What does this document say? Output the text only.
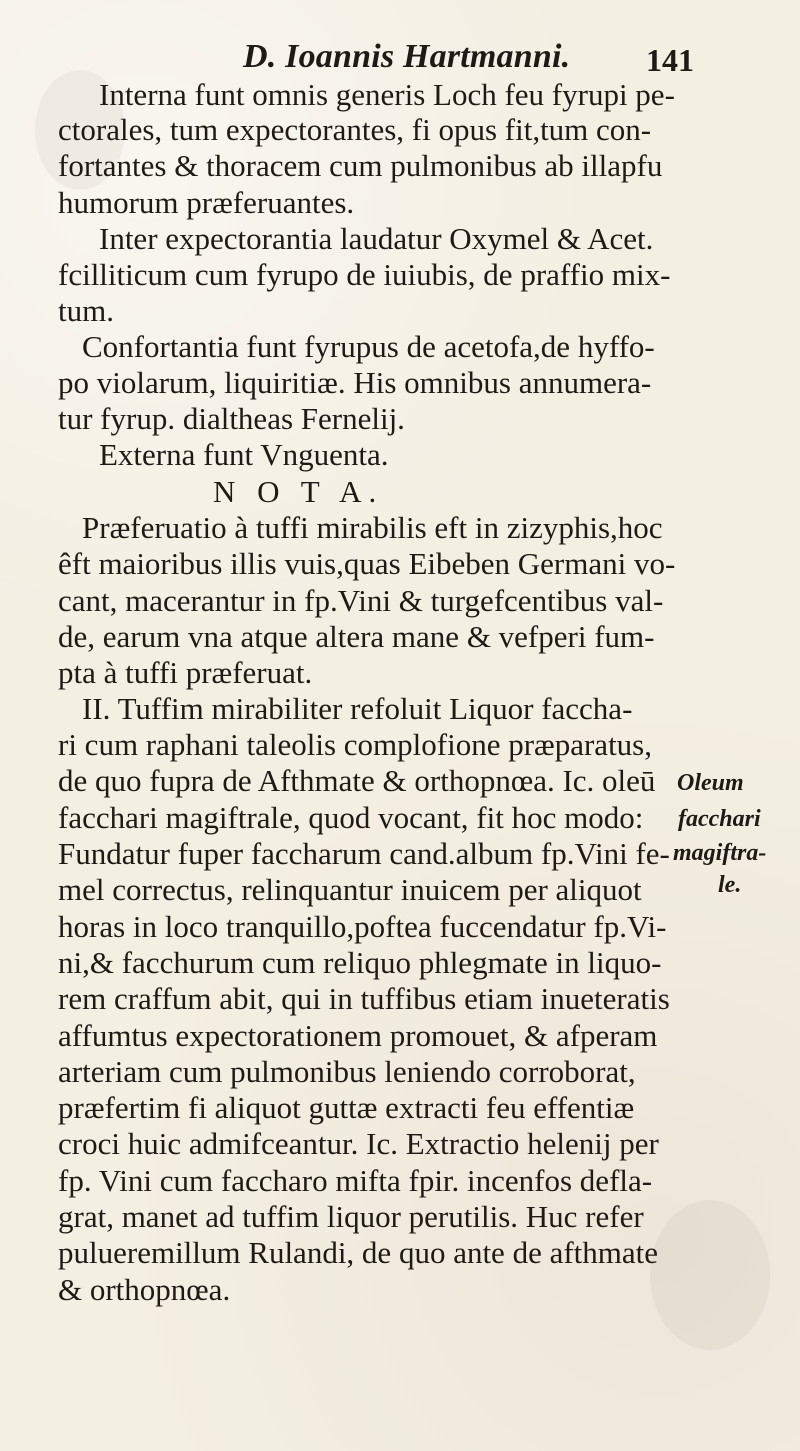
D. Ioannis Hartmanni. 141
Interna funt omnis generis Loch feu fyrupi pe-
ctorales, tum expectorantes, fi opus fit,tum con-
fortantes & thoracem cum pulmonibus ab illapfu
humorum præferuantes.
Inter expectorantia laudatur Oxymel & Acet.
fcilliticum cum fyrupo de iuiubis, de praffio mix-
tum.
Confortantia funt fyrupus de acetofa,de hyffo-
po violarum, liquiritiæ. His omnibus annumera-
tur fyrup. dialtheas Fernelij.
Externa funt Vnguenta.
N O T A.
Præferuatio à tuffi mirabilis eft in zizyphis,hoc
êft maioribus illis vuis,quas Eibeben Germani vo-
cant, macerantur in fp.Vini & turgefcentibus val-
de, earum vna atque altera mane & vefperi fum-
pta à tuffi præferuat.
II. Tuffim mirabiliter refoluit Liquor faccha-
ri cum raphani taleolis complofione præparatus,
de quo fupra de Afthmate & orthopnœa. Ic. oleū
facchari magiftrale, quod vocant, fit hoc modo:
Fundatur fuper faccharum cand.album fp.Vini fe-
mel correctus, relinquantur inuicem per aliquot
horas in loco tranquillo,poftea fuccendatur fp.Vi-
ni,& facchurum cum reliquo phlegmate in liquo-
rem craffum abit, qui in tuffibus etiam inueteratis
affumtus expectorationem promouet, & afperam
arteriam cum pulmonibus leniendo corroborat,
præfertim fi aliquot guttæ extracti feu effentiæ
croci huic admifceantur. Ic. Extractio helenij per
fp. Vini cum faccharo mifta fpir. incenfos defla-
grat, manet ad tuffim liquor perutilis. Huc refer
pulueremillum Rulandi, de quo ante de afthmate
& orthopnœa.
Oleum
facchari
magiftra-
le.
